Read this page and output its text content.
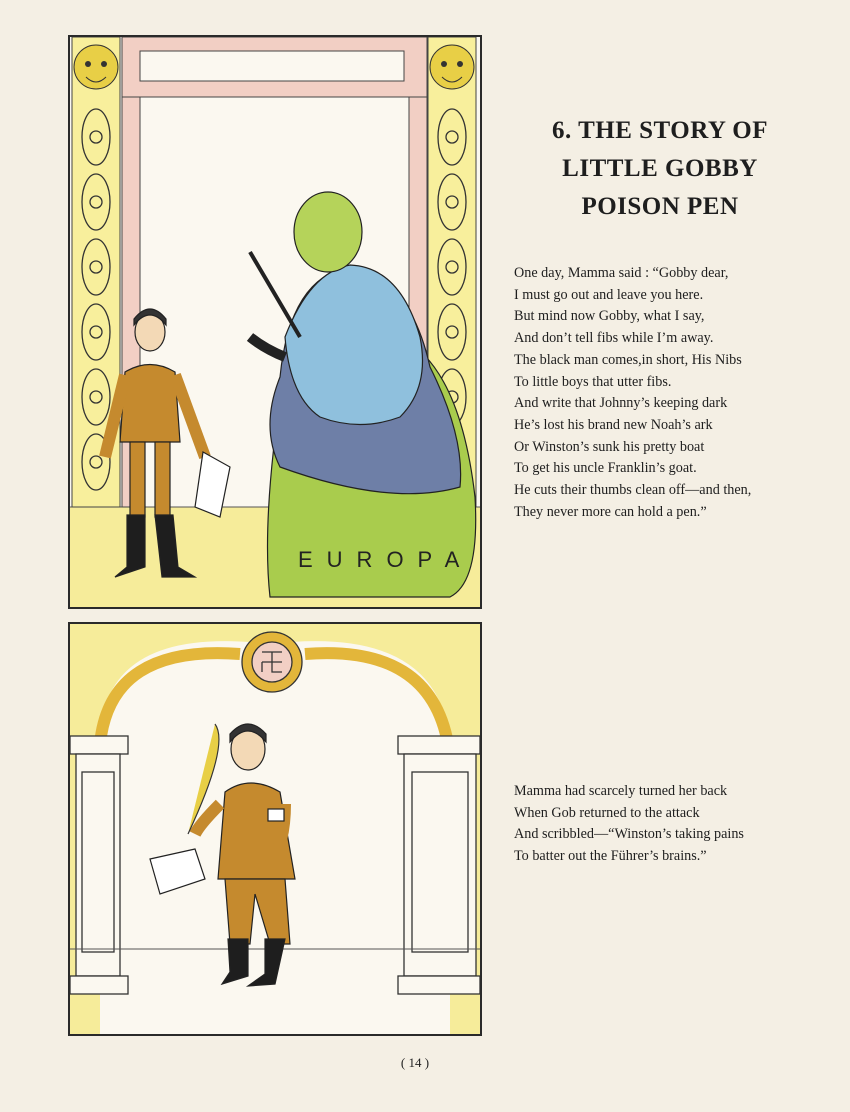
EUROPA
6. THE STORY OF
LITTLE GOBBY
POISON PEN
One day, Mamma said : “Gobby dear,
I must go out and leave you here.
But mind now Gobby, what I say,
And don’t tell fibs while I’m away.
The black man comes,in short, His Nibs
To little boys that utter fibs.
And write that Johnny’s keeping dark
He’s lost his brand new Noah’s ark
Or Winston’s sunk his pretty boat
To get his uncle Franklin’s goat.
He cuts their thumbs clean off—and then,
They never more can hold a pen.”
Mamma had scarcely turned her back
When Gob returned to the attack
And scribbled—“Winston’s taking pains
To batter out the Führer’s brains.”
( 14 )
